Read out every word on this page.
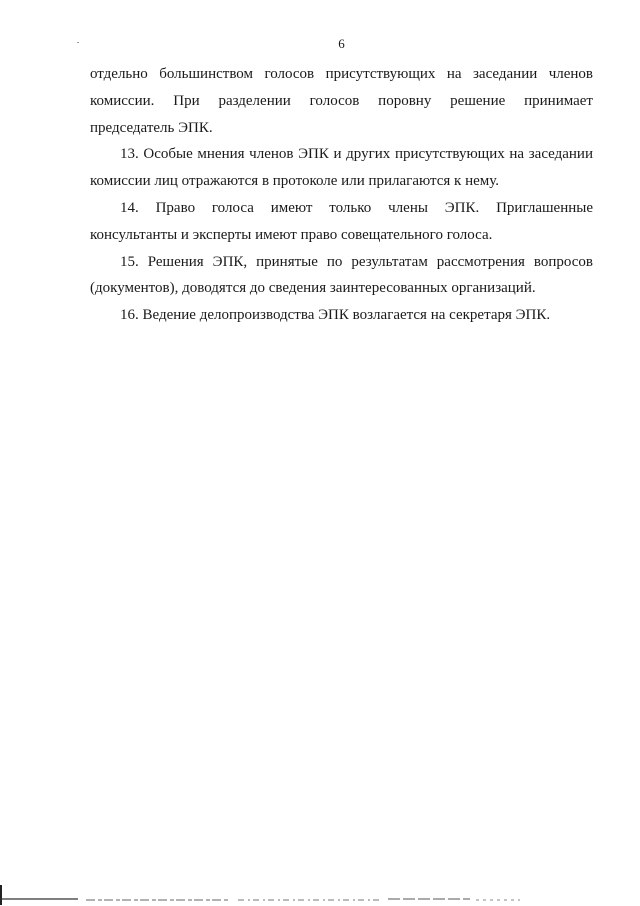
6

отдельно большинством голосов присутствующих на заседании членов
комиссии. При разделении голосов поровну решение принимает
председатель ЭПК.

13. Особые мнения членов ЭПК и других присутствующих на заседании
комиссии лиц отражаются в протоколе или прилагаются к нему.

14. Право голоса имеют только члены ЭПК. Приглашенные
консультанты и эксперты имеют право совещательного голоса.

15. Решения ЭПК, принятые по результатам рассмотрения вопросов
(документов), доводятся до сведения заинтересованных организаций.

16. Ведение делопроизводства ЭПК возлагается на секретаря ЭПК.
